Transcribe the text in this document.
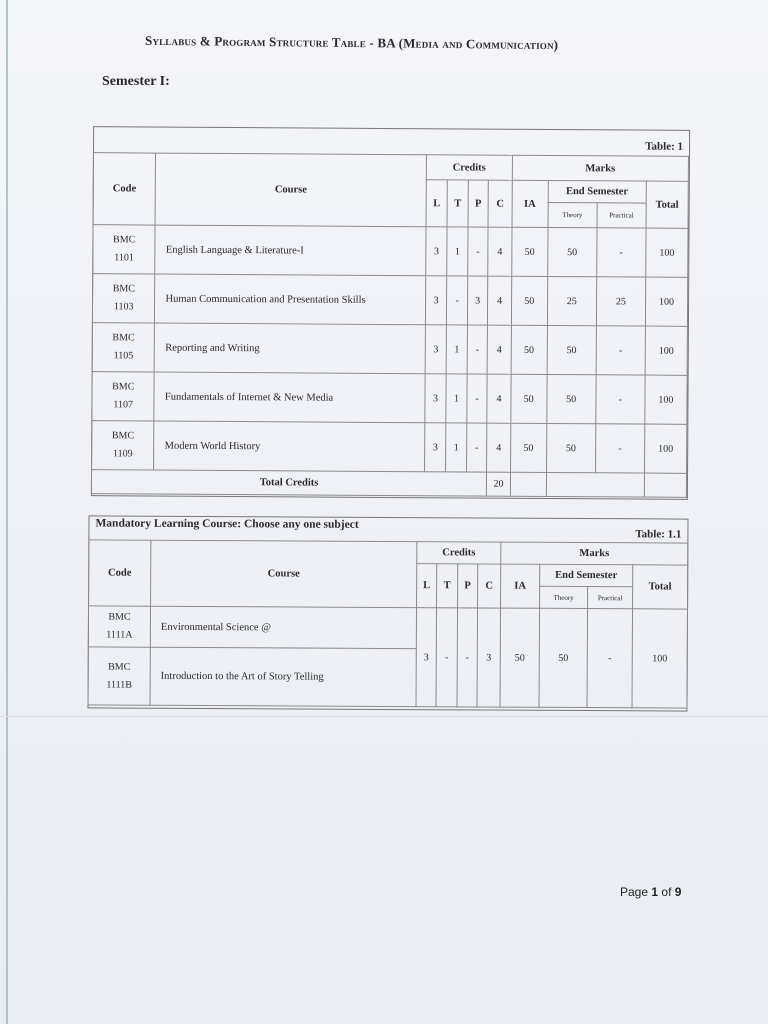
Syllabus & Program Structure Table - BA (Media and Communication)
Semester I:
Table: 1
Code	Course	Credits				Marks			
		L	T	P	C	IA	End Semester		Total
							Theory	Practical	

BMC
1101	English Language & Literature-I	3	1	-	4	50	50	-	100

BMC
1103	Human Communication and Presentation Skills	3	-	3	4	50	25	25	100

BMC
1105	Reporting and Writing	3	1	-	4	50	50	-	100

BMC
1107	Fundamentals of Internet & New Media	3	1	-	4	50	50	-	100

BMC
1109	Modern World History	3	1	-	4	50	50	-	100
Total Credits					20				
Mandatory Learning Course: Choose any one subject
Table: 1.1
Code	Course	Credits				Marks			
		L	T	P	C	IA	End Semester		Total
							Theory	Practical	

BMC
1111A	Environmental Science @	3	-	-	3	50	50	-	100

BMC
1111B	Introduction to the Art of Story Telling								
Page 1 of 9
